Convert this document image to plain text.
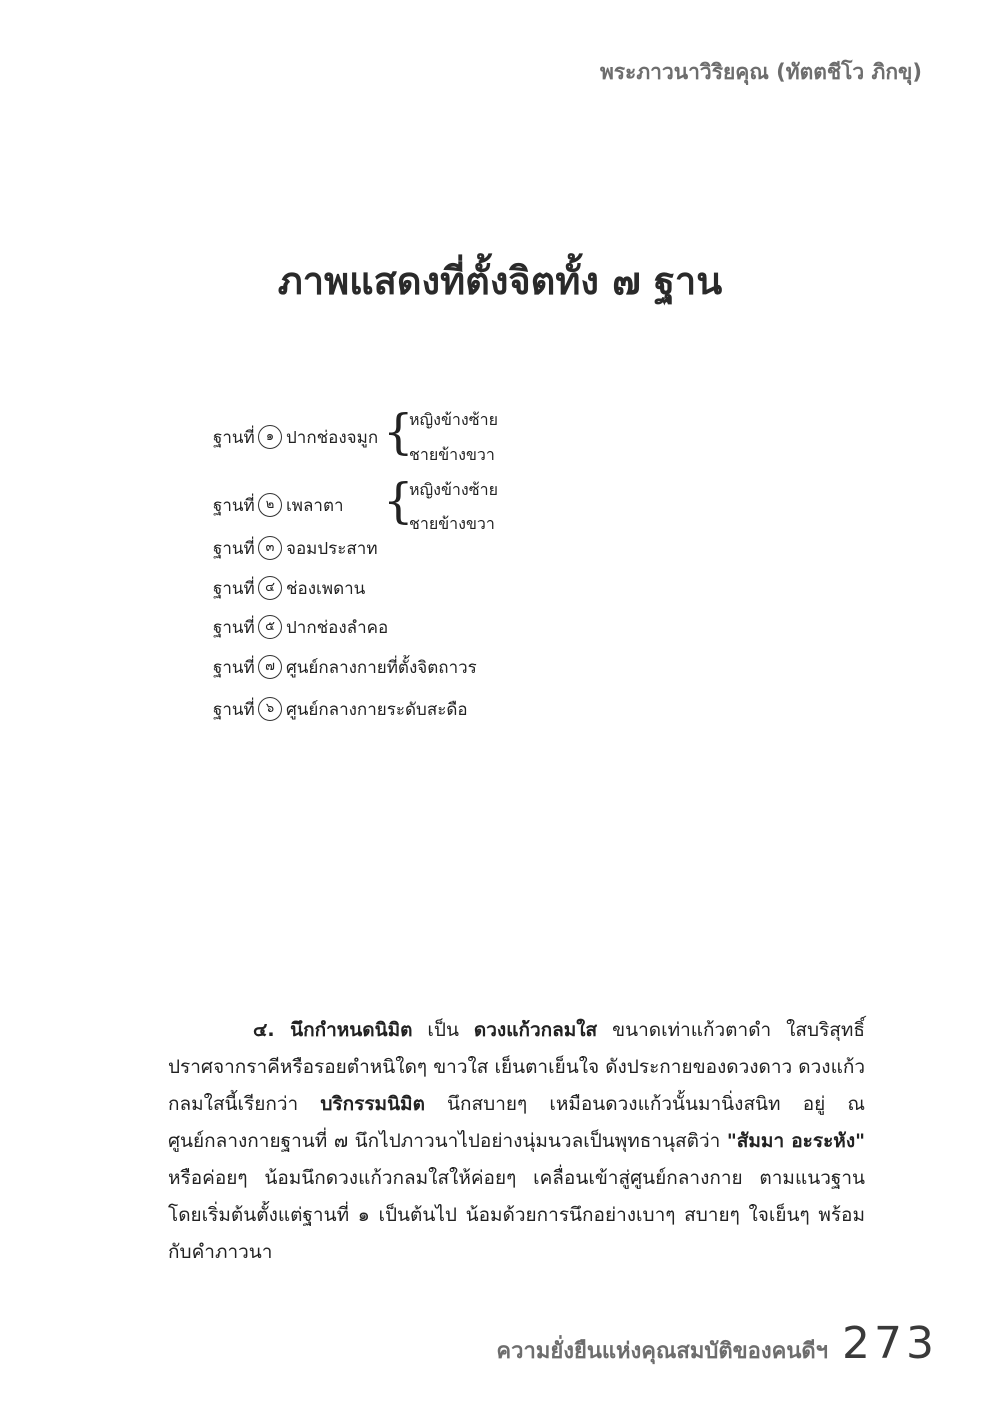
พระภาวนาวิริยคุณ (ทัตตชีโว ภิกขุ)
ภาพแสดงที่ตั้งจิตทั้ง ๗ ฐาน
ฐานที่ ๑ ปากช่องจมูก {
หญิงข้างซ้าย
ชายข้างขวา
ฐานที่ ๒ เพลาตา {
หญิงข้างซ้าย
ชายข้างขวา
ฐานที่ ๓ จอมประสาท
ฐานที่ ๔ ช่องเพดาน
ฐานที่ ๕ ปากช่องลำคอ
ฐานที่ ๗ ศูนย์กลางกายที่ตั้งจิตถาวร
ฐานที่ ๖ ศูนย์กลางกายระดับสะดือ

๔. นึกกำหนดนิมิต เป็น ดวงแก้วกลมใส ขนาดเท่าแก้วตาดำ ใสบริสุทธิ์ ปราศจากราคีหรือรอยตำหนิใดๆ ขาวใส เย็นตาเย็นใจ ดังประกายของดวงดาว ดวงแก้วกลมใสนี้เรียกว่า บริกรรมนิมิต นึกสบายๆ เหมือนดวงแก้วนั้นมานิ่งสนิท อยู่ ณ ศูนย์กลางกายฐานที่ ๗ นึกไปภาวนาไปอย่างนุ่มนวลเป็นพุทธานุสติว่า "สัมมา อะระหัง" หรือค่อยๆ น้อมนึกดวงแก้วกลมใสให้ค่อยๆ เคลื่อนเข้าสู่ศูนย์กลางกาย ตามแนวฐาน โดยเริ่มต้นตั้งแต่ฐานที่ ๑ เป็นต้นไป น้อมด้วยการนึกอย่างเบาๆ สบายๆ ใจเย็นๆ พร้อมกับคำภาวนา

ความยั่งยืนแห่งคุณสมบัติของคนดีฯ 273
